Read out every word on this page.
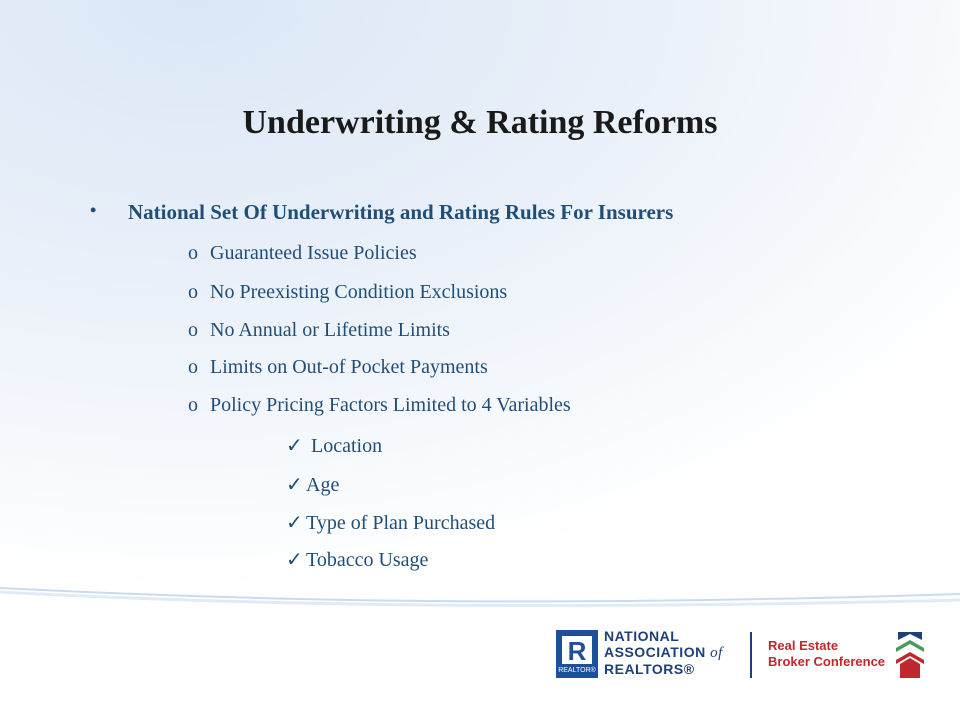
Underwriting & Rating Reforms
• National Set Of Underwriting and Rating Rules For Insurers
o Guaranteed Issue Policies
o No Preexisting Condition Exclusions
o No Annual or Lifetime Limits
o Limits on Out-of Pocket Payments
o Policy Pricing Factors Limited to 4 Variables
✓ Location
✓ Age
✓ Type of Plan Purchased
✓ Tobacco Usage
R
REALTOR®
NATIONAL
ASSOCIATION of
REALTORS®
Real Estate
Broker Conference
